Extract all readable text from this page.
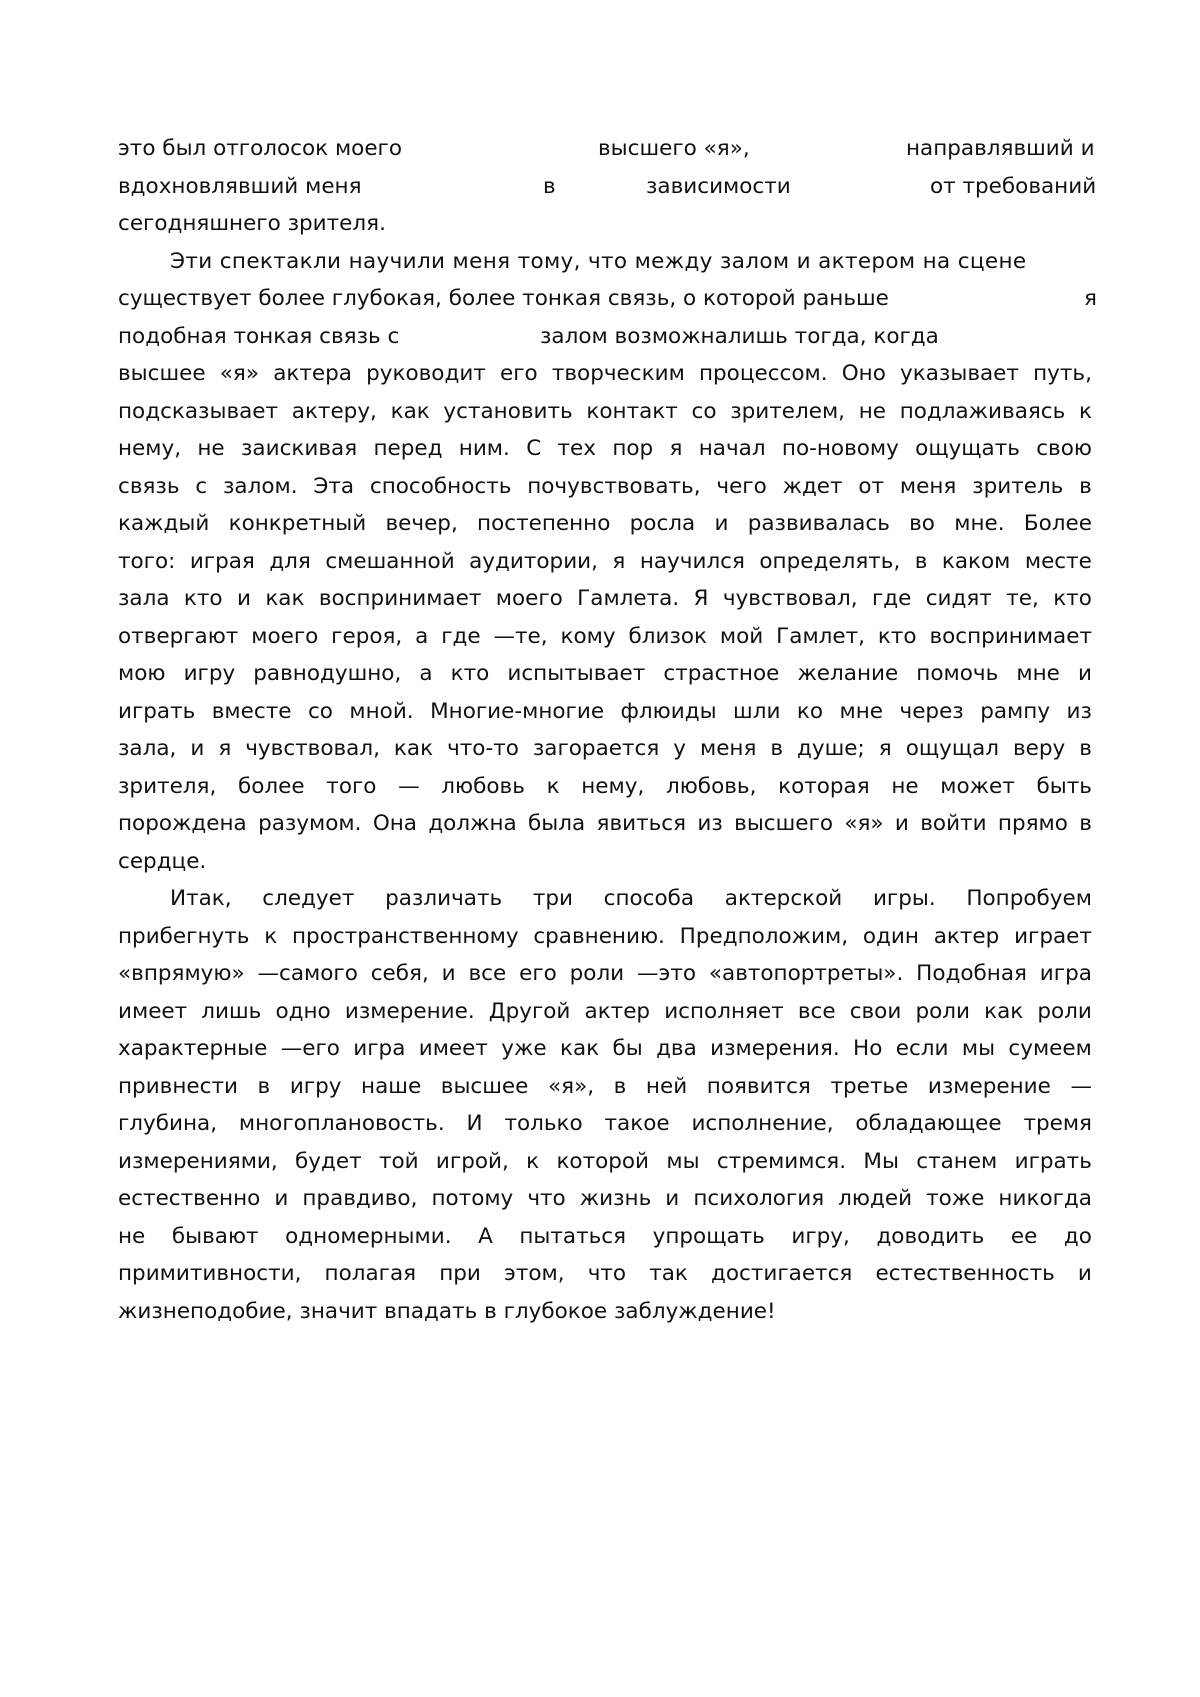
это был отголосок моего

	высшего «я»,

	направлявший и

вдохновлявший меня

	в

	зависимости

	от требований

сегодняшнего зрителя.

Эти спектакли научили меня тому, что между залом и актером на сцене

существует более глубокая, более тонкая связь, о которой раньше

	я

подобная тонкая связь с

	залом возможналишь тогда, когда

высшее «я» актера руководит его творческим процессом. Оно указывает путь,
подсказывает актеру, как установить контакт со зрителем, не подлаживаясь к
нему, не заискивая перед ним. С тех пор я начал по-новому ощущать свою
связь с залом. Эта способность почувствовать, чего ждет от меня зритель в
каждый конкретный вечер, постепенно росла и развивалась во мне. Более
того: играя для смешанной аудитории, я научился определять, в каком месте
зала кто и как воспринимает моего Гамлета. Я чувствовал, где сидят те, кто
отвергают моего героя, а где —те, кому близок мой Гамлет, кто воспринимает
мою игру равнодушно, а кто испытывает страстное желание помочь мне и
играть вместе со мной. Многие-многие флюиды шли ко мне через рампу из
зала, и я чувствовал, как что-то загорается у меня в душе; я ощущал веру в
зрителя, более того — любовь к нему, любовь, которая не может быть
порождена разумом. Она должна была явиться из высшего «я» и войти прямо в
сердце.
Итак, следует различать три способа актерской игры. Попробуем
прибегнуть к пространственному сравнению. Предположим, один актер играет
«впрямую» —самого себя, и все его роли —это «автопортреты». Подобная игра
имеет лишь одно измерение. Другой актер исполняет все свои роли как роли
характерные —его игра имеет уже как бы два измерения. Но если мы сумеем
привнести в игру наше высшее «я», в ней появится третье измерение —
глубина, многоплановость. И только такое исполнение, обладающее тремя
измерениями, будет той игрой, к которой мы стремимся. Мы станем играть
естественно и правдиво, потому что жизнь и психология людей тоже никогда
не бывают одномерными. А пытаться упрощать игру, доводить ее до
примитивности, полагая при этом, что так достигается естественность и
жизнеподобие, значит впадать в глубокое заблуждение!
